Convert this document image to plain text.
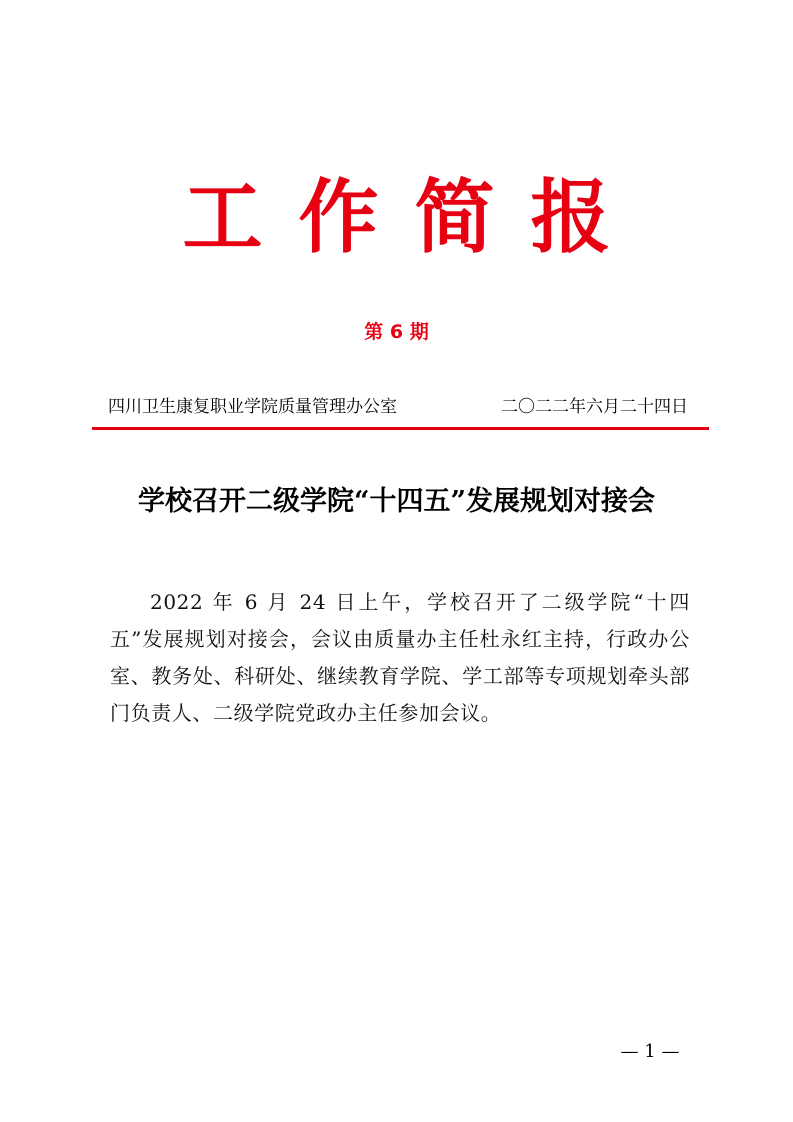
工作简报
第 6 期
四川卫生康复职业学院质量管理办公室	二〇二二年六月二十四日
学校召开二级学院“十四五”发展规划对接会

2022 年 6 月 24 日上午，学校召开了二级学院“十四五”发展规划对接会，会议由质量办主任杜永红主持，行政办公室、教务处、科研处、继续教育学院、学工部等专项规划牵头部门负责人、二级学院党政办主任参加会议。

— 1 —
